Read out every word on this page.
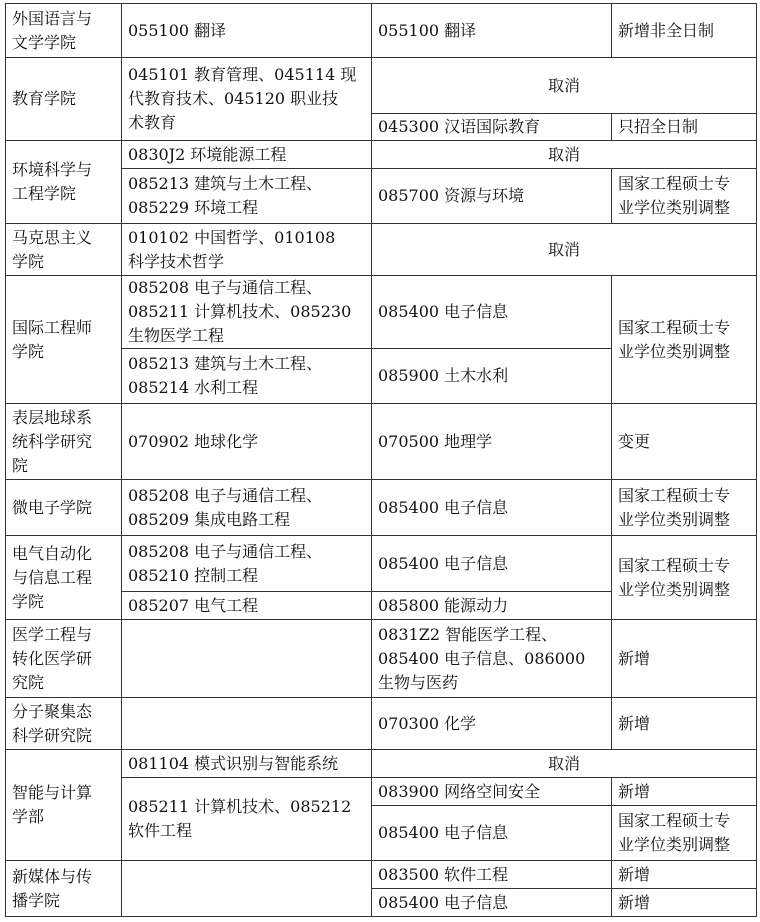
外国语言与
文学学院	055100 翻译	055100 翻译	新增非全日制
教育学院	045101 教育管理、045114 现
代教育技术、045120 职业技
术教育	取消	
		045300 汉语国际教育	只招全日制
环境科学与
工程学院	0830J2 环境能源工程	取消	
	085213 建筑与土木工程、
085229 环境工程	085700 资源与环境	国家工程硕士专
业学位类别调整
马克思主义
学院	010102 中国哲学、010108
科学技术哲学	取消	
国际工程师
学院	085208 电子与通信工程、
085211 计算机技术、085230
生物医学工程	085400 电子信息	国家工程硕士专
业学位类别调整
	085213 建筑与土木工程、
085214 水利工程	085900 土木水利	
表层地球系
统科学研究
院	070902 地球化学	070500 地理学	变更
微电子学院	085208 电子与通信工程、
085209 集成电路工程	085400 电子信息	国家工程硕士专
业学位类别调整
电气自动化
与信息工程
学院	085208 电子与通信工程、
085210 控制工程	085400 电子信息	国家工程硕士专
业学位类别调整
	085207 电气工程	085800 能源动力	
医学工程与
转化医学研
究院		0831Z2 智能医学工程、
085400 电子信息、086000
生物与医药	新增
分子聚集态
科学研究院		070300 化学	新增
智能与计算
学部	081104 模式识别与智能系统	取消	
	085211 计算机技术、085212
软件工程	083900 网络空间安全	新增
		085400 电子信息	国家工程硕士专
业学位类别调整
新媒体与传
播学院		083500 软件工程	新增
		085400 电子信息	新增
